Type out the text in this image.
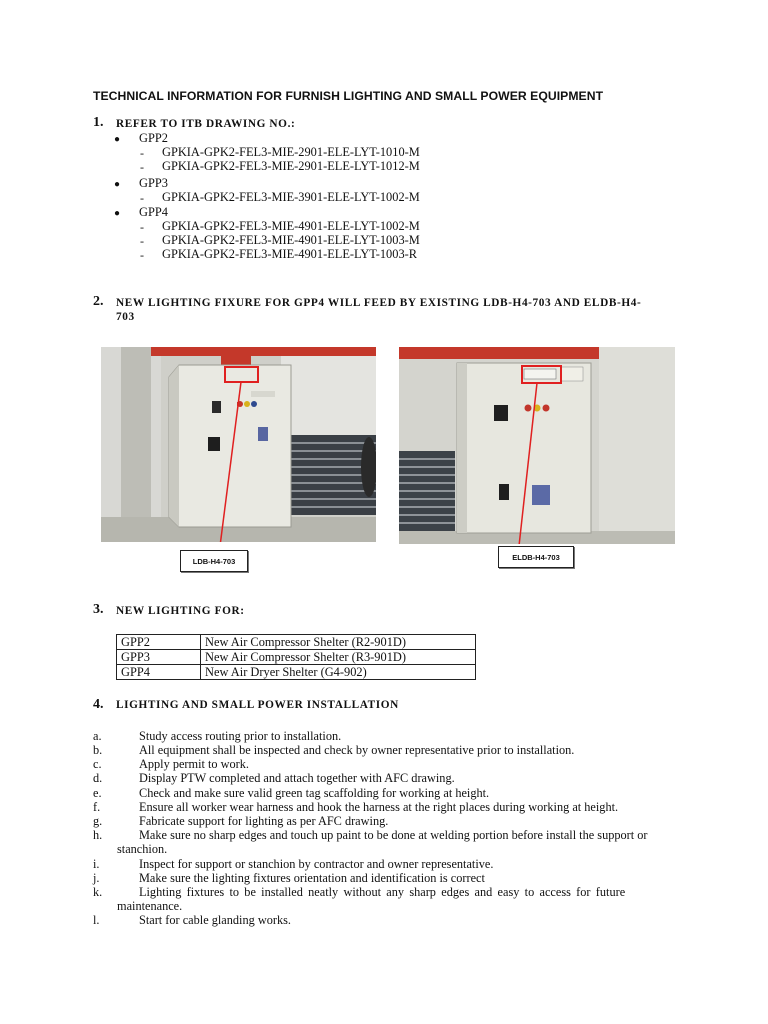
TECHNICAL INFORMATION FOR FURNISH LIGHTING AND SMALL POWER EQUIPMENT
1. REFER TO ITB DRAWING NO.:
● GPP2
- GPKIA-GPK2-FEL3-MIE-2901-ELE-LYT-1010-M
- GPKIA-GPK2-FEL3-MIE-2901-ELE-LYT-1012-M
● GPP3
- GPKIA-GPK2-FEL3-MIE-3901-ELE-LYT-1002-M
● GPP4
- GPKIA-GPK2-FEL3-MIE-4901-ELE-LYT-1002-M
- GPKIA-GPK2-FEL3-MIE-4901-ELE-LYT-1003-M
- GPKIA-GPK2-FEL3-MIE-4901-ELE-LYT-1003-R
2. NEW LIGHTING FIXURE FOR GPP4 WILL FEED BY EXISTING LDB-H4-703 AND ELDB-H4-
703
LDB-H4-703	ELDB-H4-703
3. NEW LIGHTING FOR:
GPP2	New Air Compressor Shelter (R2-901D)
GPP3	New Air Compressor Shelter (R3-901D)
GPP4	New Air Dryer Shelter (G4-902)
4. LIGHTING AND SMALL POWER INSTALLATION
a.	Study access routing prior to installation.
b.	All equipment shall be inspected and check by owner representative prior to installation.
c.	Apply permit to work.
d.	Display PTW completed and attach together with AFC drawing.
e.	Check and make sure valid green tag scaffolding for working at height.
f.	Ensure all worker wear harness and hook the harness at the right places during working at height.
g.	Fabricate support for lighting as per AFC drawing.
h.	Make sure no sharp edges and touch up paint to be done at welding portion before install the support or
stanchion.
i.	Inspect for support or stanchion by contractor and owner representative.
j.	Make sure the lighting fixtures orientation and identification is correct
k.	Lighting fixtures to be installed neatly without any sharp edges and easy to access for future
maintenance.
l.	Start for cable glanding works.
